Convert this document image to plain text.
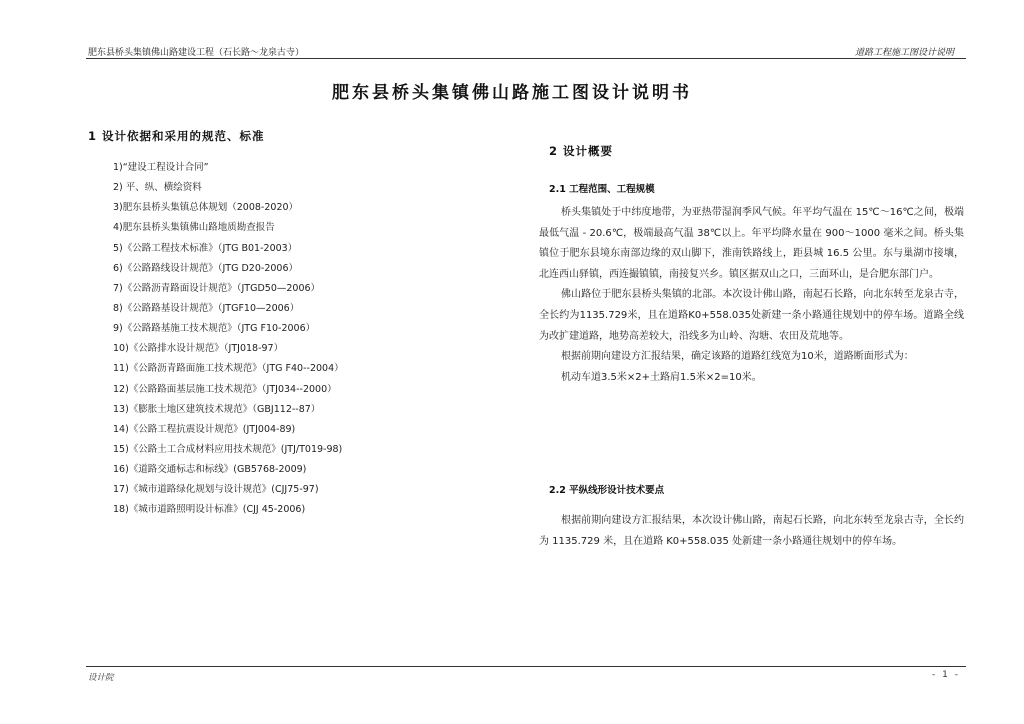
肥东县桥头集镇佛山路建设工程（石长路～龙泉古寺）	道路工程施工图设计说明
肥东县桥头集镇佛山路施工图设计说明书
1 设计依据和采用的规范、标准
1)“建设工程设计合同”
2) 平、纵、横绘资料
3)肥东县桥头集镇总体规划（2008-2020）
4)肥东县桥头集镇佛山路地质勘查报告
5)《公路工程技术标准》（JTG B01-2003）
6)《公路路线设计规范》（JTG D20-2006）
7)《公路沥青路面设计规范》（JTGD50—2006）
8)《公路路基设计规范》（JTGF10—2006）
9)《公路路基施工技术规范》（JTG F10-2006）
10)《公路排水设计规范》（JTJ018-97）
11)《公路沥青路面施工技术规范》（JTG F40--2004）
12)《公路路面基层施工技术规范》（JTJ034--2000）
13)《膨胀土地区建筑技术规范》（GBJ112--87）
14)《公路工程抗震设计规范》(JTJ004-89)
15)《公路土工合成材料应用技术规范》(JTJ/T019-98)
16)《道路交通标志和标线》(GB5768-2009)
17)《城市道路绿化规划与设计规范》(CJJ75-97)
18)《城市道路照明设计标准》(CJJ 45-2006)
2 设计概要
2.1 工程范围、工程规模

桥头集镇处于中纬度地带，为亚热带湿润季风气候。年平均气温在 15℃～16℃之间，极端最低气温 - 20.6℃，极端最高气温 38℃以上。年平均降水量在 900～1000 毫米之间。桥头集镇位于肥东县境东南部边缘的双山脚下，淮南铁路线上，距县城 16.5 公里。东与巢湖市接壤，北连西山驿镇，西连撮镇镇，南接复兴乡。镇区据双山之口，三面环山，是合肥东部门户。

佛山路位于肥东县桥头集镇的北部。本次设计佛山路，南起石长路，向北东转至龙泉古寺，全长约为1135.729米，且在道路K0+558.035处新建一条小路通往规划中的停车场。道路全线为改扩建道路，地势高差较大，沿线多为山岭、沟塘、农田及荒地等。

根据前期向建设方汇报结果，确定该路的道路红线宽为10米，道路断面形式为：

机动车道3.5米×2+土路肩1.5米×2=10米。

2.2 平纵线形设计技术要点

根据前期向建设方汇报结果，本次设计佛山路，南起石长路，向北东转至龙泉古寺，全长约为 1135.729 米，且在道路 K0+558.035 处新建一条小路通往规划中的停车场。

设计院	- 1 -
